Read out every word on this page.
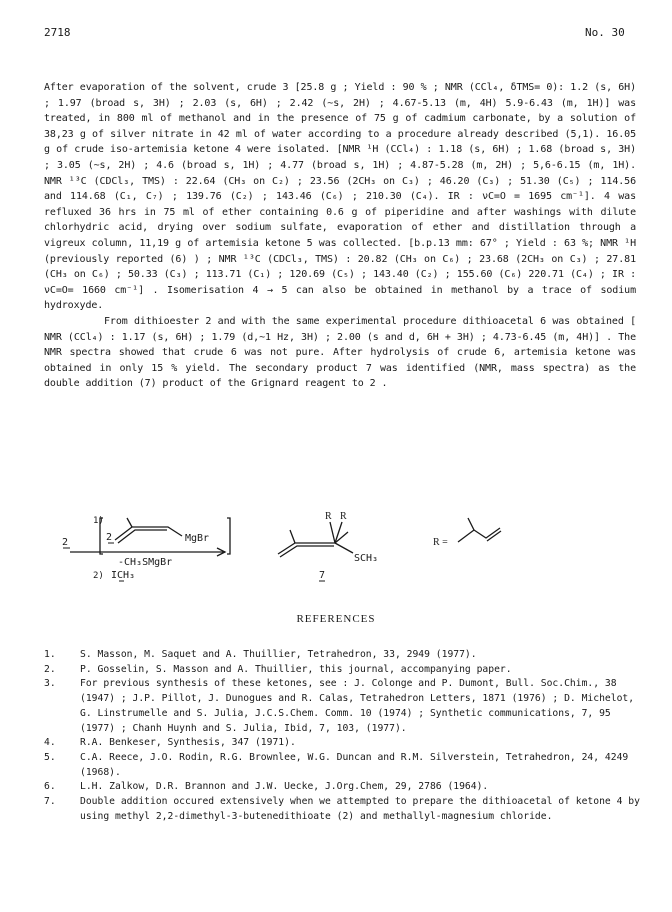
2718	No. 30

After evaporation of the solvent, crude 3 [25.8 g ; Yield : 90 % ; NMR (CCl₄, δTMS= 0): 1.2 (s, 6H) ; 1.97 (broad s, 3H) ; 2.03 (s, 6H) ; 2.42 (~s, 2H) ; 4.67-5.13 (m, 4H) 5.9-6.43 (m, 1H)] was treated, in 800 ml of methanol and in the presence of 75 g of cadmium carbonate, by a solution of 38,23 g of silver nitrate in 42 ml of water according to a procedure already described (5,1). 16.05 g of crude iso-artemisia ketone 4 were isolated. [NMR ¹H (CCl₄) : 1.18 (s, 6H) ; 1.68 (broad s, 3H) ; 3.05 (~s, 2H) ; 4.6 (broad s, 1H) ; 4.77 (broad s, 1H) ; 4.87-5.28 (m, 2H) ; 5,6-6.15 (m, 1H). NMR ¹³C (CDCl₃, TMS) : 22.64 (CH₃ on C₂) ; 23.56 (2CH₃ on C₃) ; 46.20 (C₃) ; 51.30 (C₅) ; 114.56 and 114.68 (C₁, C₇) ; 139.76 (C₂) ; 143.46 (C₆) ; 210.30 (C₄). IR : νC=O = 1695 cm⁻¹]. 4 was refluxed 36 hrs in 75 ml of ether containing 0.6 g of piperidine and after washings with dilute chlorhydric acid, drying over sodium sulfate, evaporation of ether and distillation through a vigreux column, 11,19 g of artemisia ketone 5 was collected. [b.p.13 mm: 67° ; Yield : 63 %; NMR ¹H (previously reported (6) ) ; NMR ¹³C (CDCl₃, TMS) : 20.82 (CH₃ on C₆) ; 23.68 (2CH₃ on C₃) ; 27.81 (CH₃ on C₆) ; 50.33 (C₃) ; 113.71 (C₁) ; 120.69 (C₅) ; 143.40 (C₂) ; 155.60 (C₆) 220.71 (C₄) ; IR : νC=O= 1660 cm⁻¹] . Isomerisation 4 → 5 can also be obtained in methanol by a trace of sodium hydroxyde.

From dithioester 2 and with the same experimental procedure dithioacetal 6 was obtained [ NMR (CCl₄) : 1.17 (s, 6H) ; 1.79 (d,~1 Hz, 3H) ; 2.00 (s and d, 6H + 3H) ; 4.73-6.45 (m, 4H)] . The NMR spectra showed that crude 6 was not pure. After hydrolysis of crude 6, artemisia ketone was obtained in only 15 % yield. The secondary product 7 was identified (NMR, mass spectra) as the double addition (7) product of the Grignard reagent to 2 .

1)
2	MgBr
2
-CH₃SMgBr
2) ICH₃
R R
SCH₃
7
R =
REFERENCES
1.	S. Masson, M. Saquet and A. Thuillier, Tetrahedron, 33, 2949 (1977).
2.	P. Gosselin, S. Masson and A. Thuillier, this journal, accompanying paper.
3.	For previous synthesis of these ketones, see : J. Colonge and P. Dumont, Bull. Soc.Chim., 38 (1947) ; J.P. Pillot, J. Dunogues and R. Calas, Tetrahedron Letters, 1871 (1976) ; D. Michelot, G. Linstrumelle and S. Julia, J.C.S.Chem. Comm. 10 (1974) ; Synthetic communications, 7, 95 (1977) ; Chanh Huynh and S. Julia, Ibid, 7, 103, (1977).
4.	R.A. Benkeser, Synthesis, 347 (1971).
5.	C.A. Reece, J.O. Rodin, R.G. Brownlee, W.G. Duncan and R.M. Silverstein, Tetrahedron, 24, 4249 (1968).
6.	L.H. Zalkow, D.R. Brannon and J.W. Uecke, J.Org.Chem, 29, 2786 (1964).
7.	Double addition occured extensively when we attempted to prepare the dithioacetal of ketone 4 by using methyl 2,2-dimethyl-3-butenedithioate (2) and methallyl-magnesium chloride.
